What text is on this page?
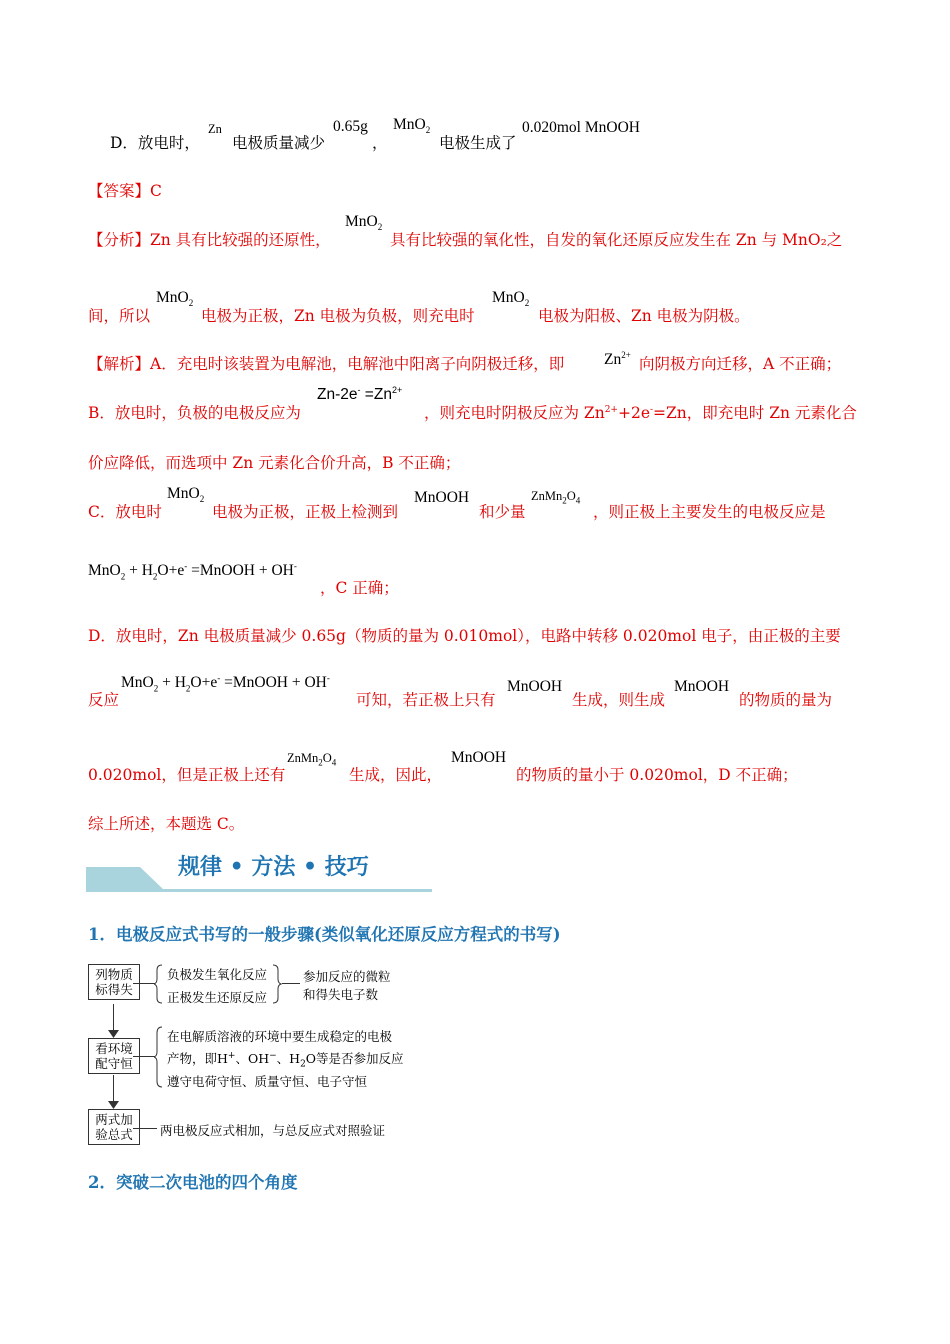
D．放电时，
Zn
电极质量减少
0.65g
，
MnO$_2$
电极生成了
0.020mol MnOOH
【答案】C
【分析】Zn 具有比较强的还原性，
MnO$_2$
具有比较强的氧化性，自发的氧化还原反应发生在 Zn 与 MnO₂之
间，所以
MnO$_2$
电极为正极，Zn 电极为负极，则充电时
MnO$_2$
电极为阳极、Zn 电极为阴极。
【解析】A．充电时该装置为电解池，电解池中阳离子向阴极迁移，即	$Zn^{2+}$ 向阴极方向迁移，A 不正确；
B．放电时，负极的电极反应为
$Zn-2e^- =Zn^{2+}$
，则充电时阴极反应为 $Zn^{2+}+2e^-=Zn$，即充电时 Zn 元素化合
价应降低，而选项中 Zn 元素化合价升高，B 不正确；
C．放电时
MnO$_2$
电极为正极，正极上检测到
MnOOH
和少量
$ZnMn_2O_4$
，则正极上主要发生的电极反应是
$MnO_2 + H_2O+e^-$ =MnOOH + OH-
，C 正确；
D．放电时，Zn 电极质量减少 0.65g（物质的量为 0.010mol），电路中转移 0.020mol 电子，由正极的主要
反应
$MnO_2 + H_2O+e^-$ =MnOOH + OH-
可知，若正极上只有
MnOOH
生成，则生成
MnOOH
的物质的量为
0.020mol，但是正极上还有
$ZnMn_2O_4$
生成，因此，
MnOOH
的物质的量小于 0.020mol，D 不正确；
综上所述，本题选 C。
规律 • 方法 • 技巧
1．电极反应式书写的一般步骤(类似氧化还原反应方程式的书写)
列物质
标得失
负极发生氧化反应
正极发生还原反应
参加反应的微粒
和得失电子数
看环境
配守恒
在电解质溶液的环境中要生成稳定的电极
产物，即H+、OH−、$H_2O$等是否参加反应
遵守电荷守恒、质量守恒、电子守恒
两式加
验总式 两电极反应式相加，与总反应式对照验证
2．突破二次电池的四个角度
